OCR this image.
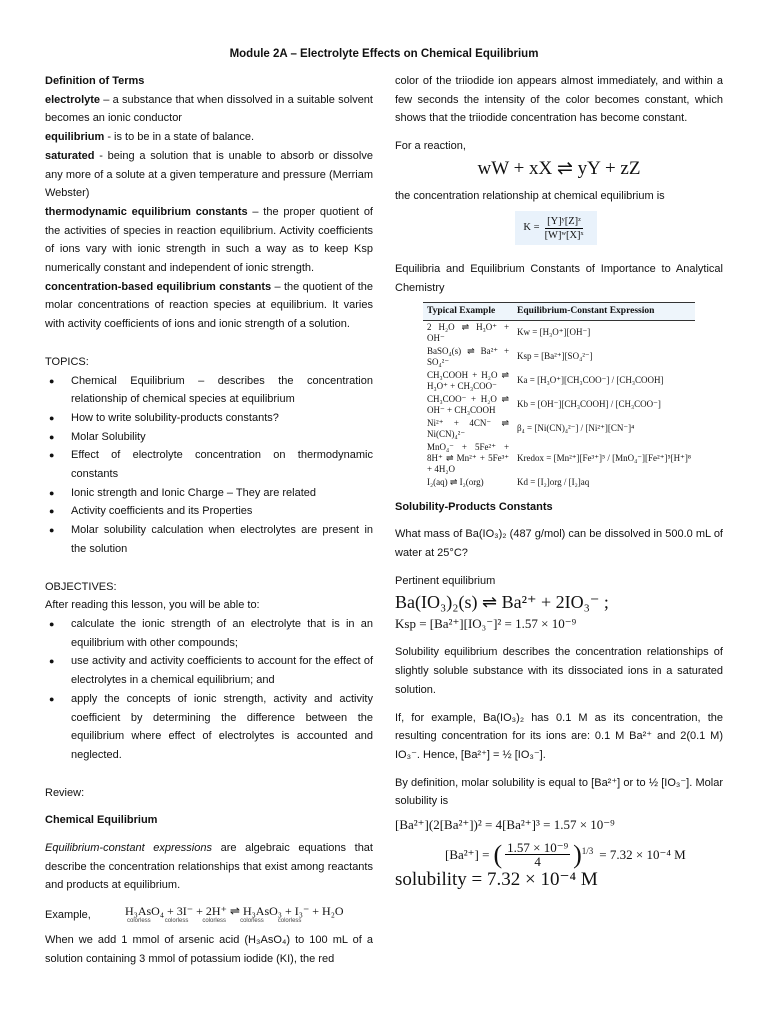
Module 2A – Electrolyte Effects on Chemical Equilibrium

Definition of Terms

electrolyte – a substance that when dissolved in a suitable solvent becomes an ionic conductor

equilibrium - is to be in a state of balance.

saturated - being a solution that is unable to absorb or dissolve any more of a solute at a given temperature and pressure (Merriam Webster)

thermodynamic equilibrium constants – the proper quotient of the activities of species in reaction equilibrium. Activity coefficients of ions vary with ionic strength in such a way as to keep Ksp numerically constant and independent of ionic strength.

concentration-based equilibrium constants – the quotient of the molar concentrations of reaction species at equilibrium. It varies with activity coefficients of ions and ionic strength of a solution.

TOPICS:

● Chemical Equilibrium – describes the concentration relationship of chemical species at equilibrium
● How to write solubility-products constants?
● Molar Solubility
● Effect of electrolyte concentration on thermodynamic constants
● Ionic strength and Ionic Charge – They are related
● Activity coefficients and its Properties
● Molar solubility calculation when electrolytes are present in the solution

OBJECTIVES:

After reading this lesson, you will be able to:

● calculate the ionic strength of an electrolyte that is in an equilibrium with other compounds;
● use activity and activity coefficients to account for the effect of electrolytes in a chemical equilibrium; and
● apply the concepts of ionic strength, activity and activity coefficient by determining the difference between the equilibrium where effect of electrolytes is accounted and neglected.

Review:

Chemical Equilibrium

Equilibrium-constant expressions are algebraic equations that describe the concentration relationships that exist among reactants and products at equilibrium.

Example,	H₃AsO₄ + 3I⁻ + 2H⁺ ⇌ H₃AsO₃ + I₃⁻ + H₂O
colorless colorless colorless colorless colorless

When we add 1 mmol of arsenic acid (H₃AsO₄) to 100 mL of a solution containing 3 mmol of potassium iodide (KI), the red

color of the triiodide ion appears almost immediately, and within a few seconds the intensity of the color becomes constant, which shows that the triiodide concentration has become constant.

For a reaction,

wW + xX ⇌ yY + zZ

the concentration relationship at chemical equilibrium is

$K = \frac{\text{[Y]ʸ[Z]ᶻ}}{\text{[W]ʷ[X]ˣ}}$

Equilibria and Equilibrium Constants of Importance to Analytical Chemistry

Typical Example	Equilibrium-Constant Expression
2 H₂O ⇌ H₃O⁺ + OH⁻	Kw = [H₃O⁺][OH⁻]
BaSO₄(s) ⇌ Ba²⁺ + SO₄²⁻	Ksp = [Ba²⁺][SO₄²⁻]
CH₃COOH + H₂O ⇌ H₃O⁺ + CH₃COO⁻	Ka = [H₃O⁺][CH₃COO⁻] / [CH₃COOH]
CH₃COO⁻ + H₂O ⇌ OH⁻ + CH₃COOH	Kb = [OH⁻][CH₃COOH] / [CH₃COO⁻]
Ni²⁺ + 4CN⁻ ⇌ Ni(CN)₄²⁻	β₄ = [Ni(CN)₄²⁻] / [Ni²⁺][CN⁻]⁴
MnO₄⁻ + 5Fe²⁺ + 8H⁺ ⇌ Mn²⁺ + 5Fe³⁺ + 4H₂O	Kredox = [Mn²⁺][Fe³⁺]⁵ / [MnO₄⁻][Fe²⁺]⁵[H⁺]⁸
I₂(aq) ⇌ I₂(org)	Kd = [I₂]org / [I₂]aq

Solubility-Products Constants

What mass of Ba(IO₃)₂ (487 g/mol) can be dissolved in 500.0 mL of water at 25°C?

Pertinent equilibrium

Ba(IO₃)₂(s) ⇌ Ba²⁺ + 2IO₃⁻ ;
Ksp = [Ba²⁺][IO₃⁻]² = 1.57 × 10⁻⁹

Solubility equilibrium describes the concentration relationships of slightly soluble substance with its dissociated ions in a saturated solution.

If, for example, Ba(IO₃)₂ has 0.1 M as its concentration, the resulting concentration for its ions are: 0.1 M Ba²⁺ and 2(0.1 M) IO₃⁻. Hence, [Ba²⁺] = ½ [IO₃⁻].

By definition, molar solubility is equal to [Ba²⁺] or to ½ [IO₃⁻]. Molar solubility is

[Ba²⁺](2[Ba²⁺])² = 4[Ba²⁺]³ = 1.57 × 10⁻⁹
[Ba²⁺] = ( $\frac{\text{1.57 × 10⁻⁹}}{4} )^{1/3} = 7.32 \times 10^{-4}$ M
solubility = 7.32 × 10⁻⁴ M
